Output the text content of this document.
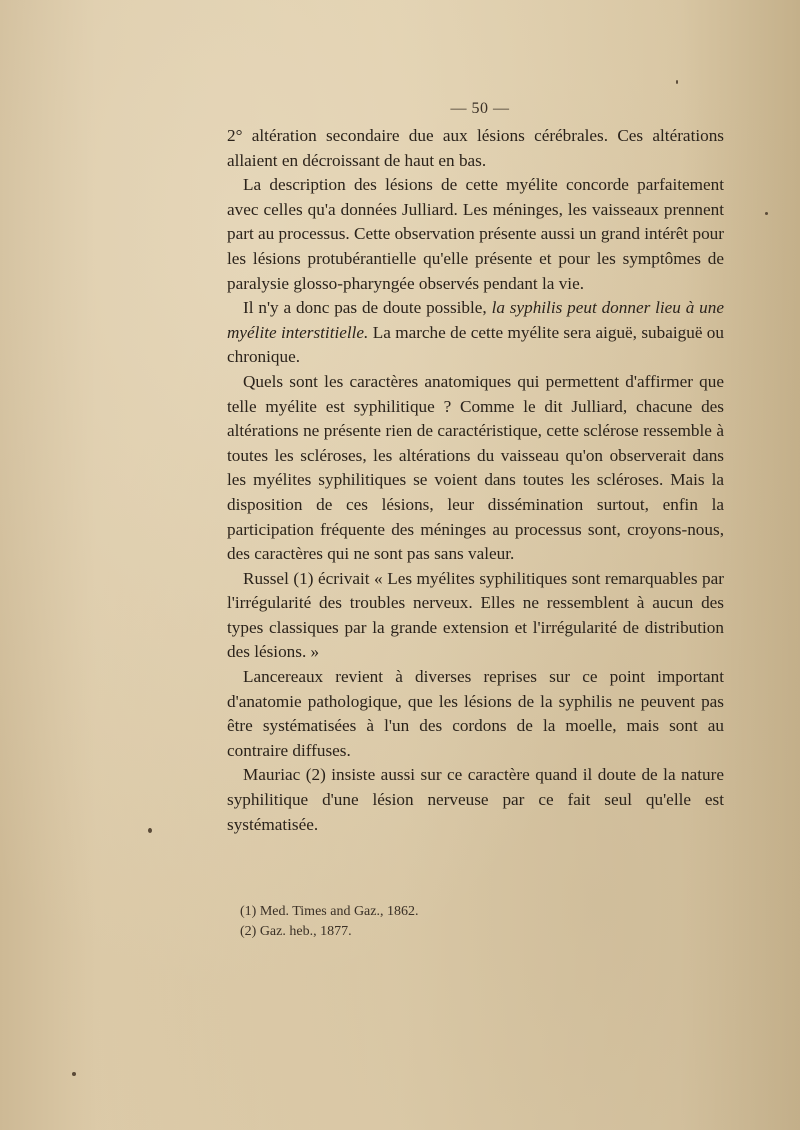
— 50 —

2° altération secondaire due aux lésions cérébrales. Ces altérations allaient en décroissant de haut en bas.

La description des lésions de cette myélite concorde parfaitement avec celles qu'a données Julliard. Les méninges, les vaisseaux prennent part au processus. Cette observation présente aussi un grand intérêt pour les lésions protubérantielle qu'elle présente et pour les symptômes de paralysie glosso-pharyngée observés pendant la vie.

Il n'y a donc pas de doute possible, la syphilis peut donner lieu à une myélite interstitielle. La marche de cette myélite sera aiguë, subaiguë ou chronique.

Quels sont les caractères anatomiques qui permettent d'affirmer que telle myélite est syphilitique ? Comme le dit Julliard, chacune des altérations ne présente rien de caractéristique, cette sclérose ressemble à toutes les scléroses, les altérations du vaisseau qu'on observerait dans les myélites syphilitiques se voient dans toutes les scléroses. Mais la disposition de ces lésions, leur dissémination surtout, enfin la participation fréquente des méninges au processus sont, croyons-nous, des caractères qui ne sont pas sans valeur.

Russel (1) écrivait « Les myélites syphilitiques sont remarquables par l'irrégularité des troubles nerveux. Elles ne ressemblent à aucun des types classiques par la grande extension et l'irrégularité de distribution des lésions. »

Lancereaux revient à diverses reprises sur ce point important d'anatomie pathologique, que les lésions de la syphilis ne peuvent pas être systématisées à l'un des cordons de la moelle, mais sont au contraire diffuses.

Mauriac (2) insiste aussi sur ce caractère quand il doute de la nature syphilitique d'une lésion nerveuse par ce fait seul qu'elle est systématisée.

(1) Med. Times and Gaz., 1862.

(2) Gaz. heb., 1877.
